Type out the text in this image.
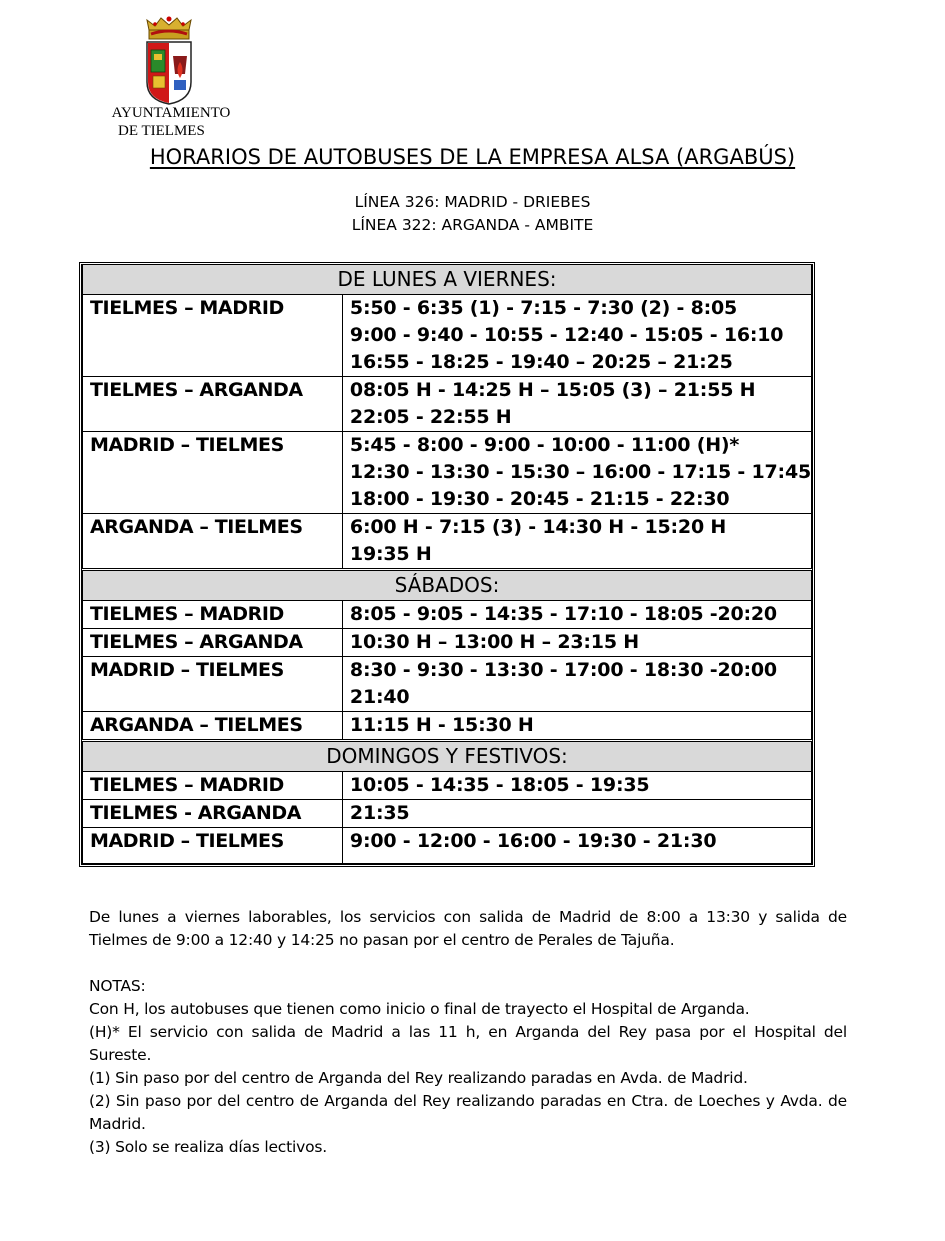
AYUNTAMIENTO
DE TIELMES
HORARIOS DE AUTOBUSES DE LA EMPRESA ALSA (ARGABÚS)
LÍNEA 326: MADRID - DRIEBES
LÍNEA 322: ARGANDA - AMBITE
DE LUNES A VIERNES:	
TIELMES – MADRID	5:50 - 6:35 (1) - 7:15 - 7:30 (2) - 8:05
9:00 - 9:40 - 10:55 - 12:40 - 15:05 - 16:10
16:55 - 18:25 - 19:40 – 20:25 – 21:25

TIELMES – ARGANDA	08:05 H - 14:25 H – 15:05 (3) – 21:55 H
22:05 - 22:55 H

MADRID – TIELMES	5:45 - 8:00 - 9:00 - 10:00 - 11:00 (H)*
12:30 - 13:30 - 15:30 – 16:00 - 17:15 - 17:45
18:00 - 19:30 - 20:45 - 21:15 - 22:30

ARGANDA – TIELMES	6:00 H - 7:15 (3) - 14:30 H - 15:20 H
19:35 H

SÁBADOS:	
TIELMES – MADRID	8:05 - 9:05 - 14:35 - 17:10 - 18:05 -20:20

TIELMES – ARGANDA	10:30 H – 13:00 H – 23:15 H

MADRID – TIELMES	8:30 - 9:30 - 13:30 - 17:00 - 18:30 -20:00
21:40

ARGANDA – TIELMES	11:15 H - 15:30 H

DOMINGOS Y FESTIVOS:	
TIELMES – MADRID	10:05 - 14:35 - 18:05 - 19:35

TIELMES - ARGANDA	21:35

MADRID – TIELMES	9:00 - 12:00 - 16:00 - 19:30 - 21:30

De lunes a viernes laborables, los servicios con salida de Madrid de 8:00 a 13:30 y salida de Tielmes de 9:00 a 12:40 y 14:25 no pasan por el centro de Perales de Tajuña.

NOTAS:

Con H, los autobuses que tienen como inicio o final de trayecto el Hospital de Arganda.

(H)* El servicio con salida de Madrid a las 11 h, en Arganda del Rey pasa por el Hospital del Sureste.

(1) Sin paso por del centro de Arganda del Rey realizando paradas en Avda. de Madrid.

(2) Sin paso por del centro de Arganda del Rey realizando paradas en Ctra. de Loeches y Avda. de Madrid.

(3) Solo se realiza días lectivos.
